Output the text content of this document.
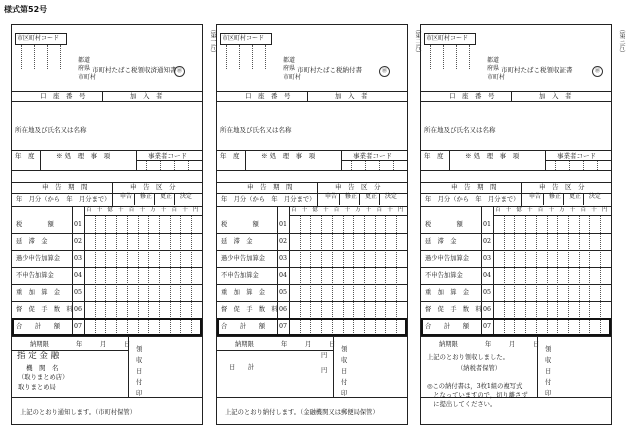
様式第52号
（第一片）	（第二片）	（第三片）
市区町村コード
都道
府県
市町村
市町村たばこ税領収済通知書 ㊞
口　座　番　号	加　入　者
所在地及び氏名又は名称
年　度	※ 処　理　事　項	事業者コード
申　告　期　間	申　告　区　分
年　月分（から　年　月分まで） 申告 修正 更正 決定
百 十 億 千 百 十 万 千 百 十 円
税　　　　額	01
延　滞　金	02
過少申告加算金 03
不申告加算金	04
重　加　算　金 05
督　促　手　数　料 06
合　　計　　額 07
納期限	年	月	日
領
収
日
付
印
指 定 金 融
機　関　名
（取りまとめ店）
取りまとめ局
上記のとおり通知します。（市町村保管）
市区町村コード
都道
府県
市町村
市町村たばこ税納付書	㊞
口　座　番　号	加　入　者
所在地及び氏名又は名称
年　度	※ 処　理　事　項	事業者コード
申　告　期　間	申　告　区　分
年　月分（から　年　月分まで） 申告 修正 更正 決定
百 十 億 千 百 十 万 千 百 十 円
税　　　　額	01
延　滞　金	02
過少申告加算金 03
不申告加算金	04
重　加　算　金 05
督　促　手　数　料 06
合　　計　　額 07
納期限	年	月	日
領
収
日
付
印
円
日　　計	円
上記のとおり納付します。（金融機関又は郵便局保管）
市区町村コード
都道
府県
市町村
市町村たばこ税領収証書	㊞
口　座　番　号	加　入　者
所在地及び氏名又は名称
年　度	※ 処　理　事　項	事業者コード
申　告　期　間	申　告　区　分
年　月分（から　年　月分まで） 申告 修正 更正 決定
百 十 億 千 百 十 万 千 百 十 円
税　　　　額	01
延　滞　金	02
過少申告加算金 03
不申告加算金	04
重　加　算　金 05
督　促　手　数　料 06
合　　計　　額 07
納期限	年	月	日
領
収
日
付
印
上記のとおり領収しました。
（納税者保管）
◎この納付書は，3枚1組の複写式
　となっていますので，切り離さず
　に提出してください。
